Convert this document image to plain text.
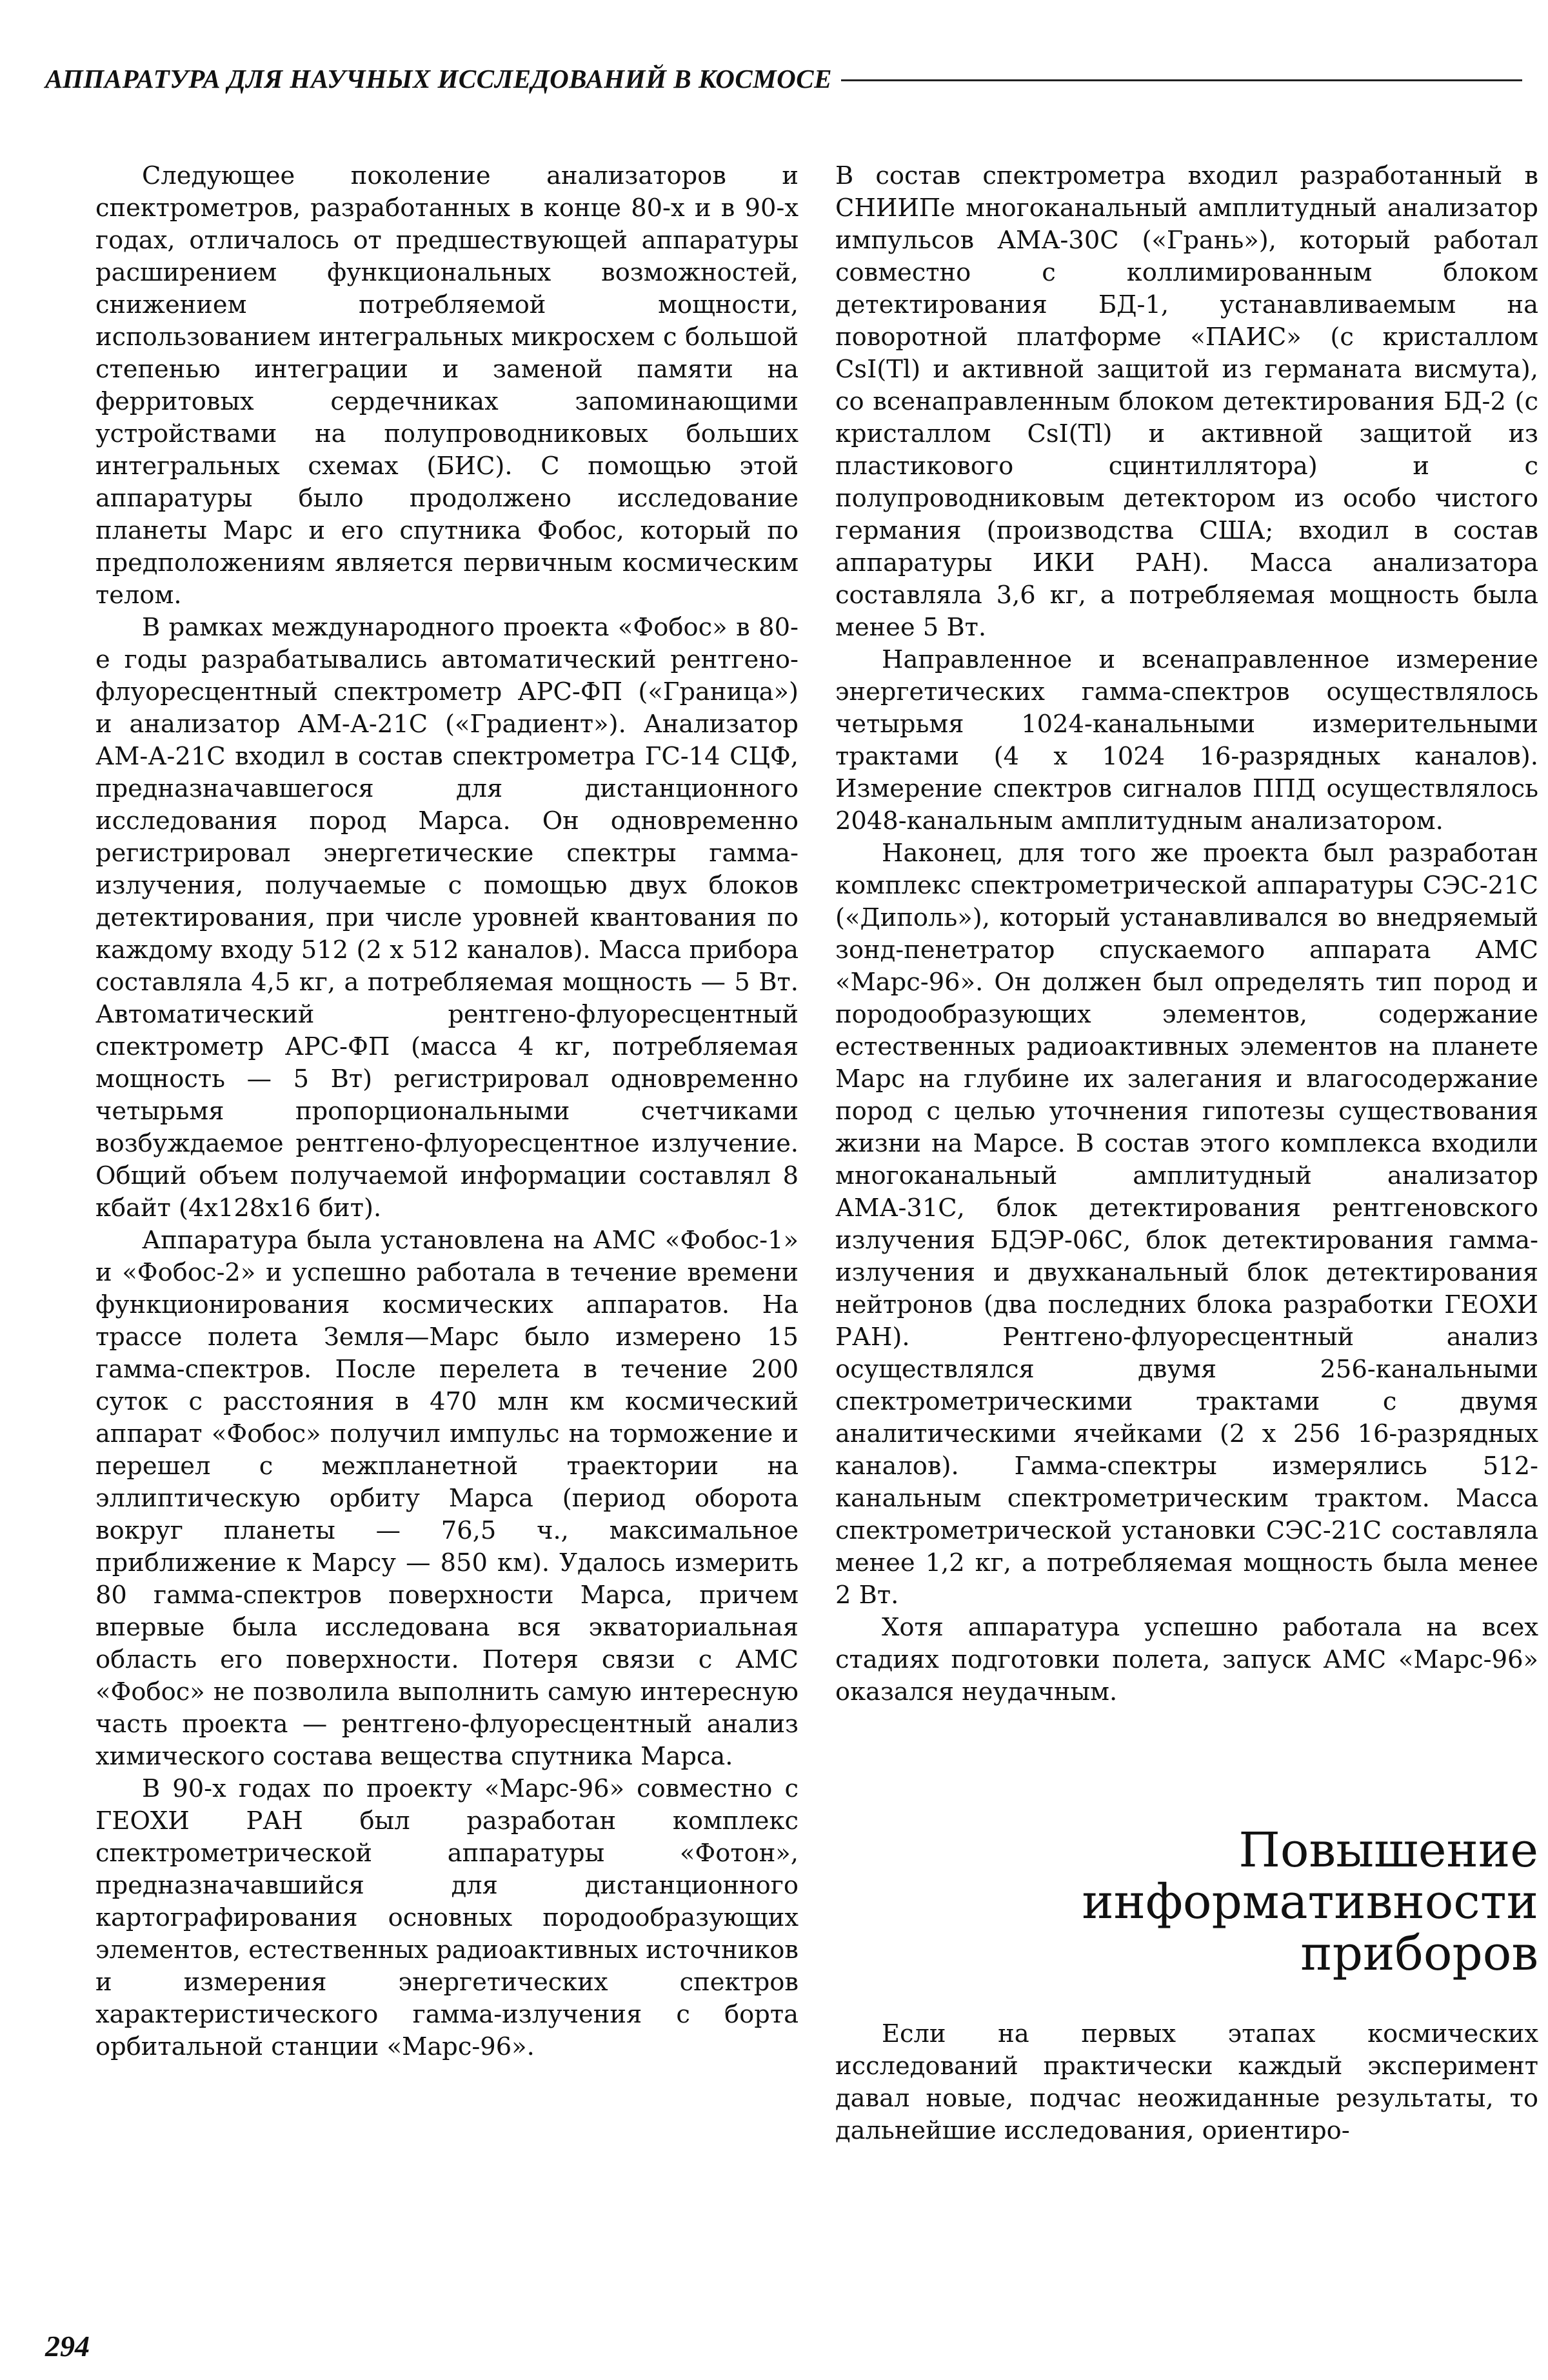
АППАРАТУРА ДЛЯ НАУЧНЫХ ИССЛЕДОВАНИЙ В КОСМОСЕ

Следующее поколение анализаторов и спектрометров, разработанных в конце 80-х и в 90-х годах, отличалось от предшествующей аппаратуры расширением функциональных возможностей, снижением потребляемой мощности, использованием интегральных микросхем с большой степенью интеграции и заменой памяти на ферритовых сердечниках запоминающими устройствами на полупроводниковых больших интегральных схемах (БИС). С помощью этой аппаратуры было продолжено исследование планеты Марс и его спутника Фобос, который по предположениям является первичным космическим телом.

В рамках международного проекта «Фобос» в 80-е годы разрабатывались автоматический рентгено-флуоресцентный спектрометр АРС-ФП («Граница») и анализатор АМ-А-21С («Градиент»). Анализатор АМ-А-21С входил в состав спектрометра ГС-14 СЦФ, предназначавшегося для дистанционного исследования пород Марса. Он одновременно регистрировал энергетические спектры гамма-излучения, получаемые с помощью двух блоков детектирования, при числе уровней квантования по каждому входу 512 (2 х 512 каналов). Масса прибора составляла 4,5 кг, а потребляемая мощность — 5 Вт. Автоматический рентгено-флуоресцентный спектрометр АРС-ФП (масса 4 кг, потребляемая мощность — 5 Вт) регистрировал одновременно четырьмя пропорциональными счетчиками возбуждаемое рентгено-флуоресцентное излучение. Общий объем получаемой информации составлял 8 кбайт (4х128х16 бит).

Аппаратура была установлена на АМС «Фобос-1» и «Фобос-2» и успешно работала в течение времени функционирования космических аппаратов. На трассе полета Земля—Марс было измерено 15 гамма-спектров. После перелета в течение 200 суток с расстояния в 470 млн км космический аппарат «Фобос» получил импульс на торможение и перешел с межпланетной траектории на эллиптическую орбиту Марса (период оборота вокруг планеты — 76,5 ч., максимальное приближение к Марсу — 850 км). Удалось измерить 80 гамма-спектров поверхности Марса, причем впервые была исследована вся экваториальная область его поверхности. Потеря связи с АМС «Фобос» не позволила выполнить самую интересную часть проекта — рентгено-флуоресцентный анализ химического состава вещества спутника Марса.

В 90-х годах по проекту «Марс-96» совместно с ГЕОХИ РАН был разработан комплекс спектрометрической аппаратуры «Фотон», предназначавшийся для дистанционного картографирования основных породообразующих элементов, естественных радиоактивных источников и измерения энергетических спектров характеристического гамма-излучения с борта орбитальной станции «Марс-96».

В состав спектрометра входил разработанный в СНИИПе многоканальный амплитудный анализатор импульсов АМА-30С («Грань»), который работал совместно с коллимированным блоком детектирования БД-1, устанавливаемым на поворотной платформе «ПАИС» (с кристаллом CsI(Tl) и активной защитой из германата висмута), со всенаправленным блоком детектирования БД-2 (с кристаллом CsI(Tl) и активной защитой из пластикового сцинтиллятора) и с полупроводниковым детектором из особо чистого германия (производства США; входил в состав аппаратуры ИКИ РАН). Масса анализатора составляла 3,6 кг, а потребляемая мощность была менее 5 Вт.

Направленное и всенаправленное измерение энергетических гамма-спектров осуществлялось четырьмя 1024-канальными измерительными трактами (4 х 1024 16-разрядных каналов). Измерение спектров сигналов ППД осуществлялось 2048-канальным амплитудным анализатором.

Наконец, для того же проекта был разработан комплекс спектрометрической аппаратуры СЭС-21С («Диполь»), который устанавливался во внедряемый зонд-пенетратор спускаемого аппарата АМС «Марс-96». Он должен был определять тип пород и породообразующих элементов, содержание естественных радиоактивных элементов на планете Марс на глубине их залегания и влагосодержание пород с целью уточнения гипотезы существования жизни на Марсе. В состав этого комплекса входили многоканальный амплитудный анализатор АМА-31С, блок детектирования рентгеновского излучения БДЭР-06С, блок детектирования гамма-излучения и двухканальный блок детектирования нейтронов (два последних блока разработки ГЕОХИ РАН). Рентгено-флуоресцентный анализ осуществлялся двумя 256-канальными спектрометрическими трактами с двумя аналитическими ячейками (2 х 256 16-разрядных каналов). Гамма-спектры измерялись 512-канальным спектрометрическим трактом. Масса спектрометрической установки СЭС-21С составляла менее 1,2 кг, а потребляемая мощность была менее 2 Вт.

Хотя аппаратура успешно работала на всех стадиях подготовки полета, запуск АМС «Марс-96» оказался неудачным.

Повышение
информативности
приборов

Если на первых этапах космических исследований практически каждый эксперимент давал новые, подчас неожиданные результаты, то дальнейшие исследования, ориентиро-

294
